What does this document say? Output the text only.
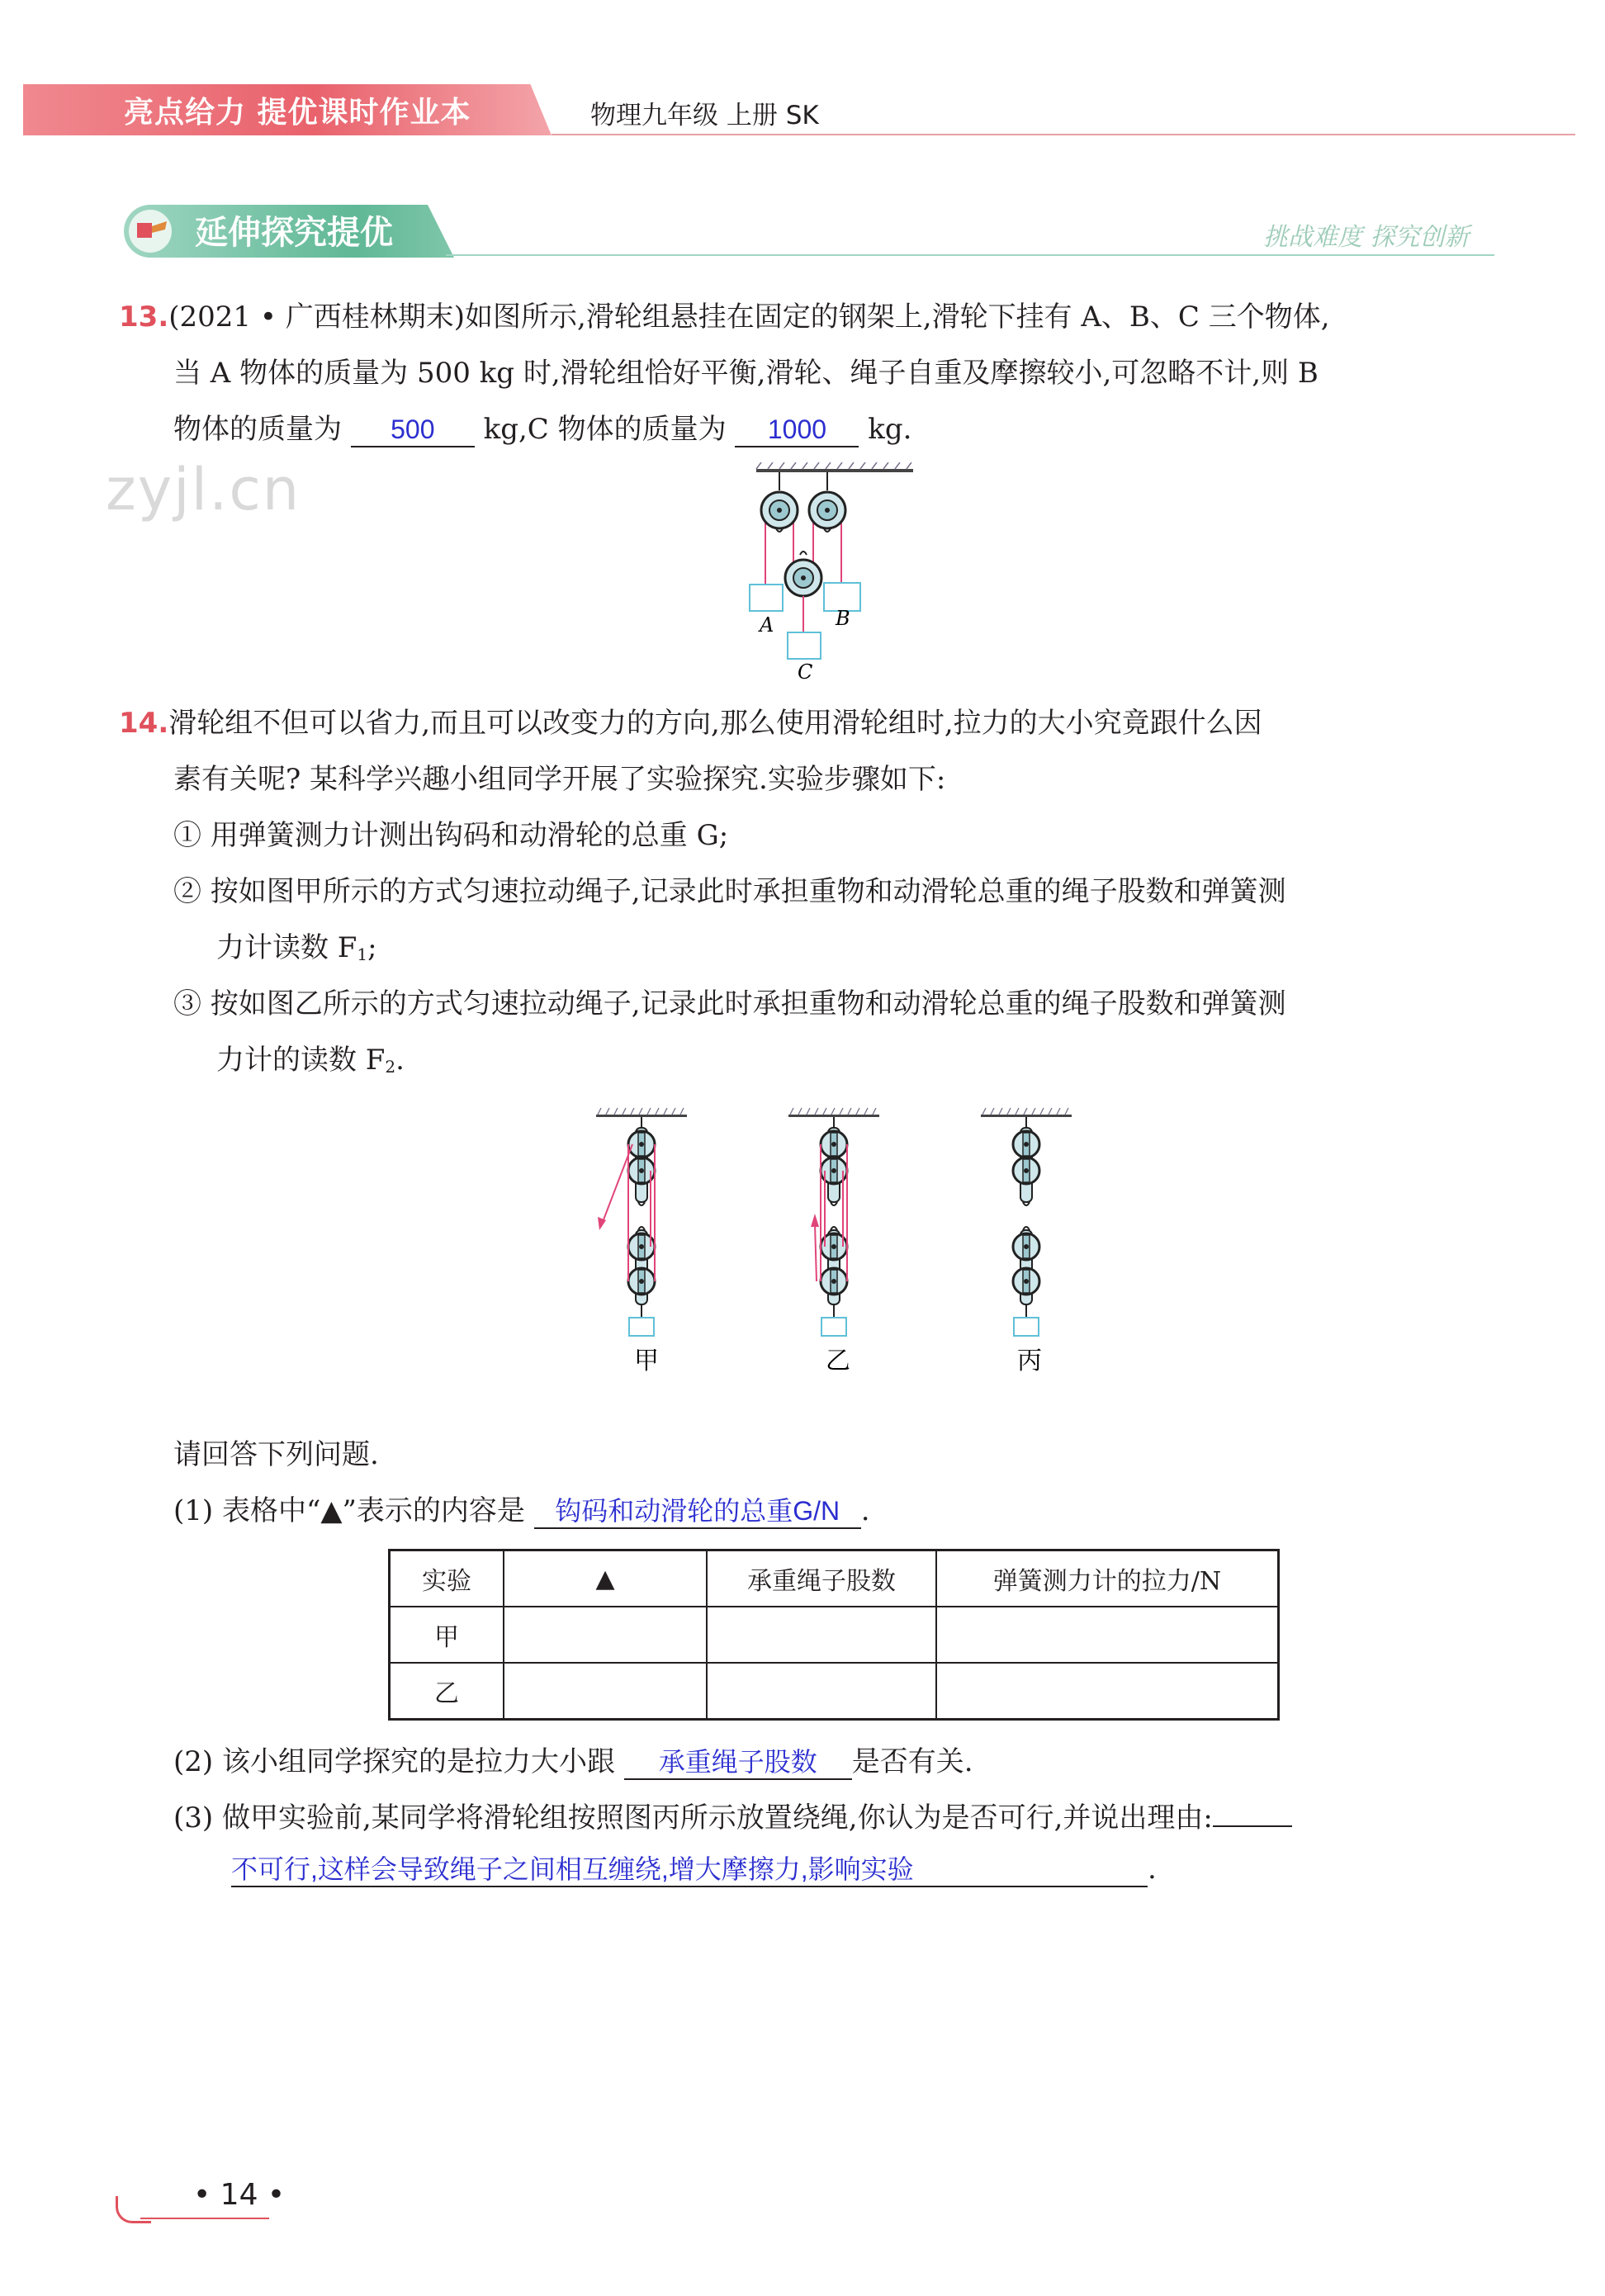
亮点给力 提优课时作业本	物理九年级 上册 SK
延伸探究提优	挑战难度 探究创新
zyjl.cn
13.(2021 • 广西桂林期末)如图所示,滑轮组悬挂在固定的钢架上,滑轮下挂有 A、B、C 三个物体,
当 A 物体的质量为 500 kg 时,滑轮组恰好平衡,滑轮、绳子自重及摩擦较小,可忽略不计,则 B
物体的质量为 500 kg,C 物体的质量为 1000 kg.
A	B
C
14.滑轮组不但可以省力,而且可以改变力的方向,那么使用滑轮组时,拉力的大小究竟跟什么因
素有关呢? 某科学兴趣小组同学开展了实验探究.实验步骤如下:
① 用弹簧测力计测出钩码和动滑轮的总重 G;
② 按如图甲所示的方式匀速拉动绳子,记录此时承担重物和动滑轮总重的绳子股数和弹簧测
力计读数 $F_1$;
③ 按如图乙所示的方式匀速拉动绳子,记录此时承担重物和动滑轮总重的绳子股数和弹簧测
力计的读数 $F_2$.
甲	乙	丙
请回答下列问题.
(1) 表格中“▲”表示的内容是 钩码和动滑轮的总重G/N .
实验	▲	承重绳子股数	弹簧测力计的拉力/N
甲			
乙			
(2) 该小组同学探究的是拉力大小跟 承重绳子股数 是否有关.
(3) 做甲实验前,某同学将滑轮组按照图丙所示放置绕绳,你认为是否可行,并说出理由:
不可行,这样会导致绳子之间相互缠绕,增大摩擦力,影响实验	.
• 14 •
